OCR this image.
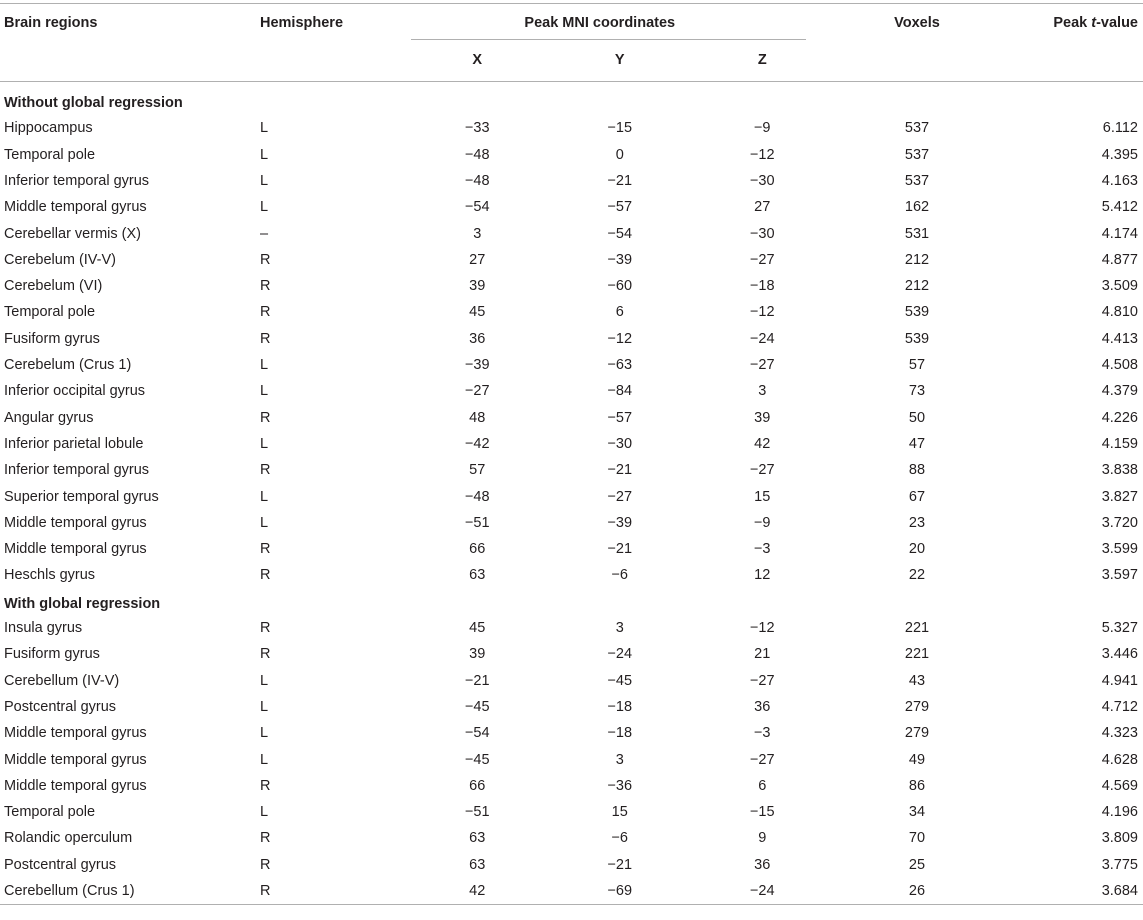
Brain regions	Hemisphere	Peak MNI coordinates			Voxels	Peak t-value
		X	Y	Z		
Without global regression						
Hippocampus	L	−33	−15	−9	537	6.112
Temporal pole	L	−48	0	−12	537	4.395
Inferior temporal gyrus	L	−48	−21	−30	537	4.163
Middle temporal gyrus	L	−54	−57	27	162	5.412
Cerebellar vermis (X)	–	3	−54	−30	531	4.174
Cerebelum (IV-V)	R	27	−39	−27	212	4.877
Cerebelum (VI)	R	39	−60	−18	212	3.509
Temporal pole	R	45	6	−12	539	4.810
Fusiform gyrus	R	36	−12	−24	539	4.413
Cerebelum (Crus 1)	L	−39	−63	−27	57	4.508
Inferior occipital gyrus	L	−27	−84	3	73	4.379
Angular gyrus	R	48	−57	39	50	4.226
Inferior parietal lobule	L	−42	−30	42	47	4.159
Inferior temporal gyrus	R	57	−21	−27	88	3.838
Superior temporal gyrus	L	−48	−27	15	67	3.827
Middle temporal gyrus	L	−51	−39	−9	23	3.720
Middle temporal gyrus	R	66	−21	−3	20	3.599
Heschls gyrus	R	63	−6	12	22	3.597
With global regression						
Insula gyrus	R	45	3	−12	221	5.327
Fusiform gyrus	R	39	−24	21	221	3.446
Cerebellum (IV-V)	L	−21	−45	−27	43	4.941
Postcentral gyrus	L	−45	−18	36	279	4.712
Middle temporal gyrus	L	−54	−18	−3	279	4.323
Middle temporal gyrus	L	−45	3	−27	49	4.628
Middle temporal gyrus	R	66	−36	6	86	4.569
Temporal pole	L	−51	15	−15	34	4.196
Rolandic operculum	R	63	−6	9	70	3.809
Postcentral gyrus	R	63	−21	36	25	3.775
Cerebellum (Crus 1)	R	42	−69	−24	26	3.684
